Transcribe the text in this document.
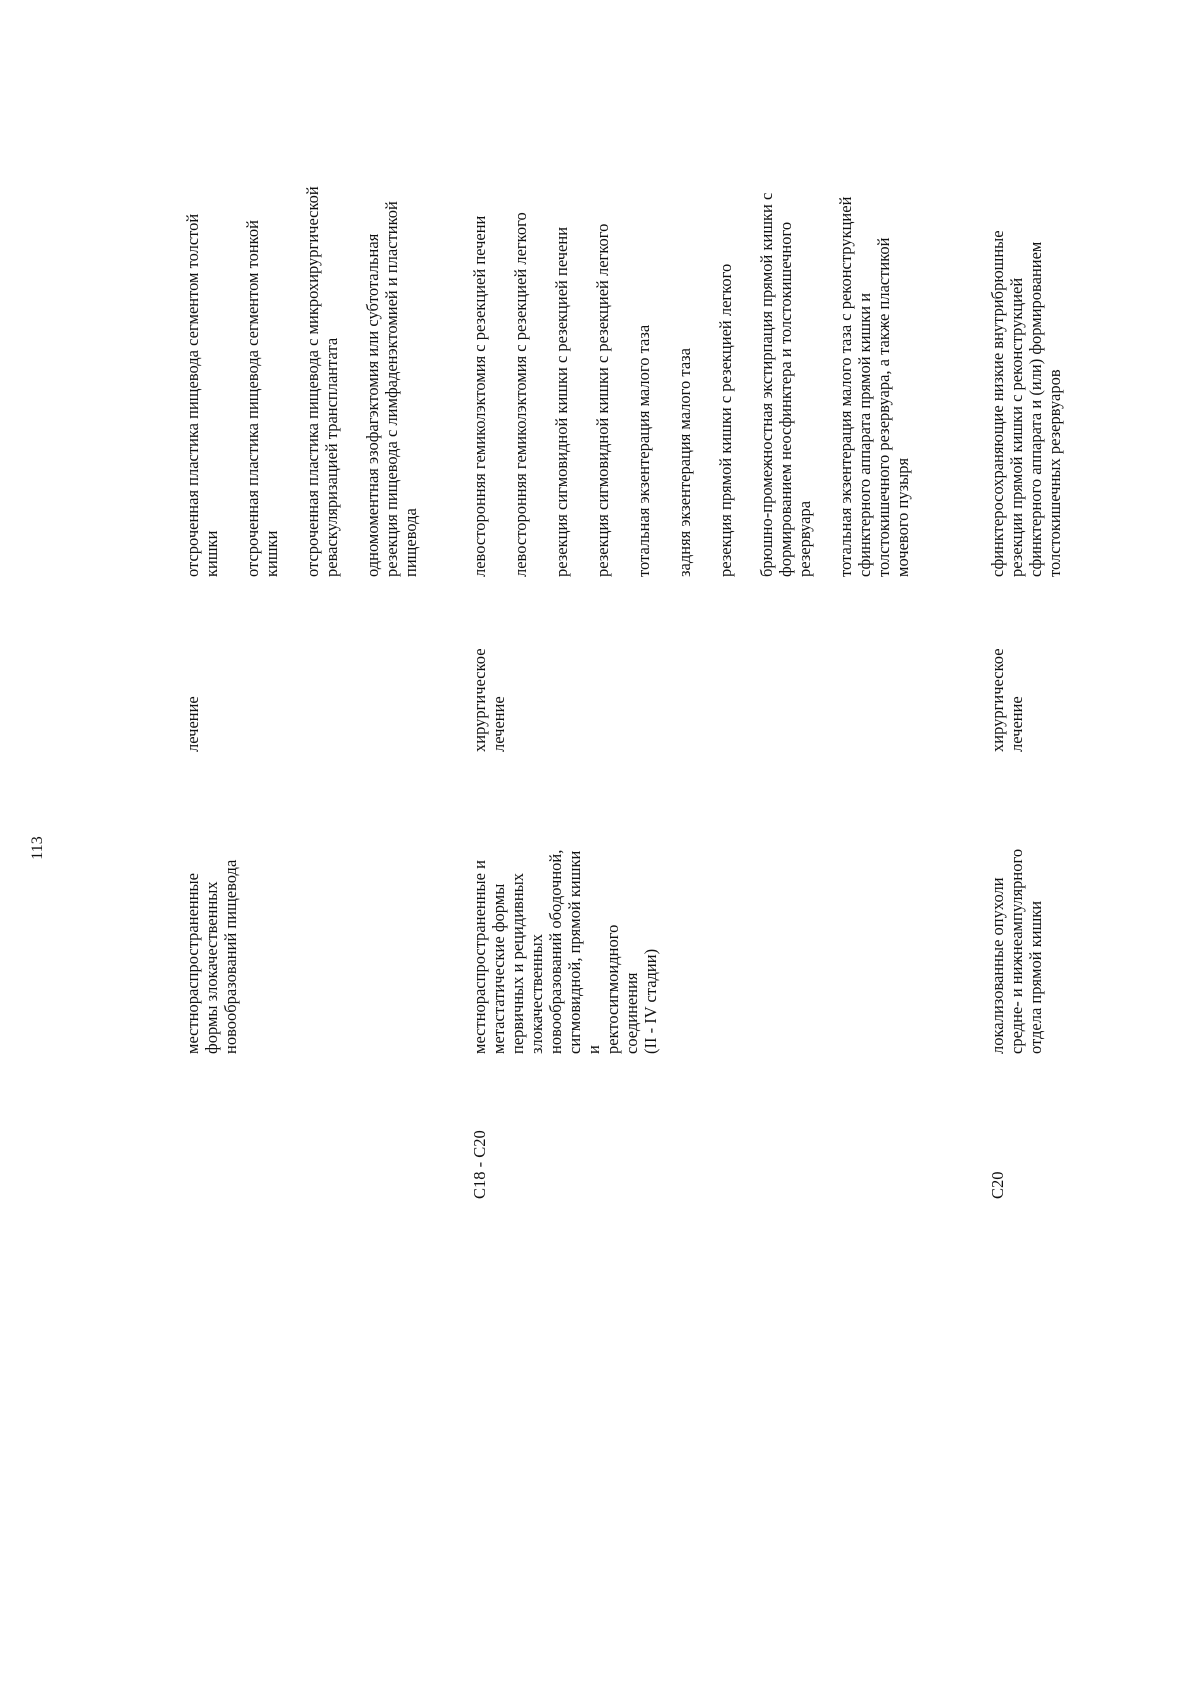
113
местнораспространенные
формы злокачественных
новообразований пищевода
лечение
отсроченная пластика пищевода сегментом толстой
кишки отсроченная пластика пищевода сегментом тонкой
кишки отсроченная пластика пищевода с микрохирургической
реваскуляризацией трансплантата
одномоментная эзофагэктомия или субтотальная
резекция пищевода с лимфаденэктомией и пластикой
пищевода
C18 - C20
местнораспространенные и
метастатические формы
первичных и рецидивных
злокачественных
новообразований ободочной,
сигмовидной, прямой кишки и
ректосигмоидного соединения
(II - IV стадии)
хирургическое
лечение
левосторонняя гемиколэктомия с резекцией печени левосторонняя гемиколэктомия с резекцией легкого резекция сигмовидной кишки с резекцией печени резекция сигмовидной кишки с резекцией легкого тотальная экзентерация малого таза задняя экзентерация малого таза резекция прямой кишки с резекцией легкого брюшно-промежностная экстирпация прямой кишки с
формированием неосфинктера и толстокишечного
резервуара тотальная экзентерация малого таза с реконструкцией
сфинктерного аппарата прямой кишки и
толстокишечного резервуара, а также пластикой
мочевого пузыря
C20
локализованные опухоли
средне- и нижнеампулярного
отдела прямой кишки
хирургическое
лечение
сфинктеросохраняющие низкие внутрибрюшные
резекции прямой кишки с реконструкцией
сфинктерного аппарата и (или) формированием
толстокишечных резервуаров
